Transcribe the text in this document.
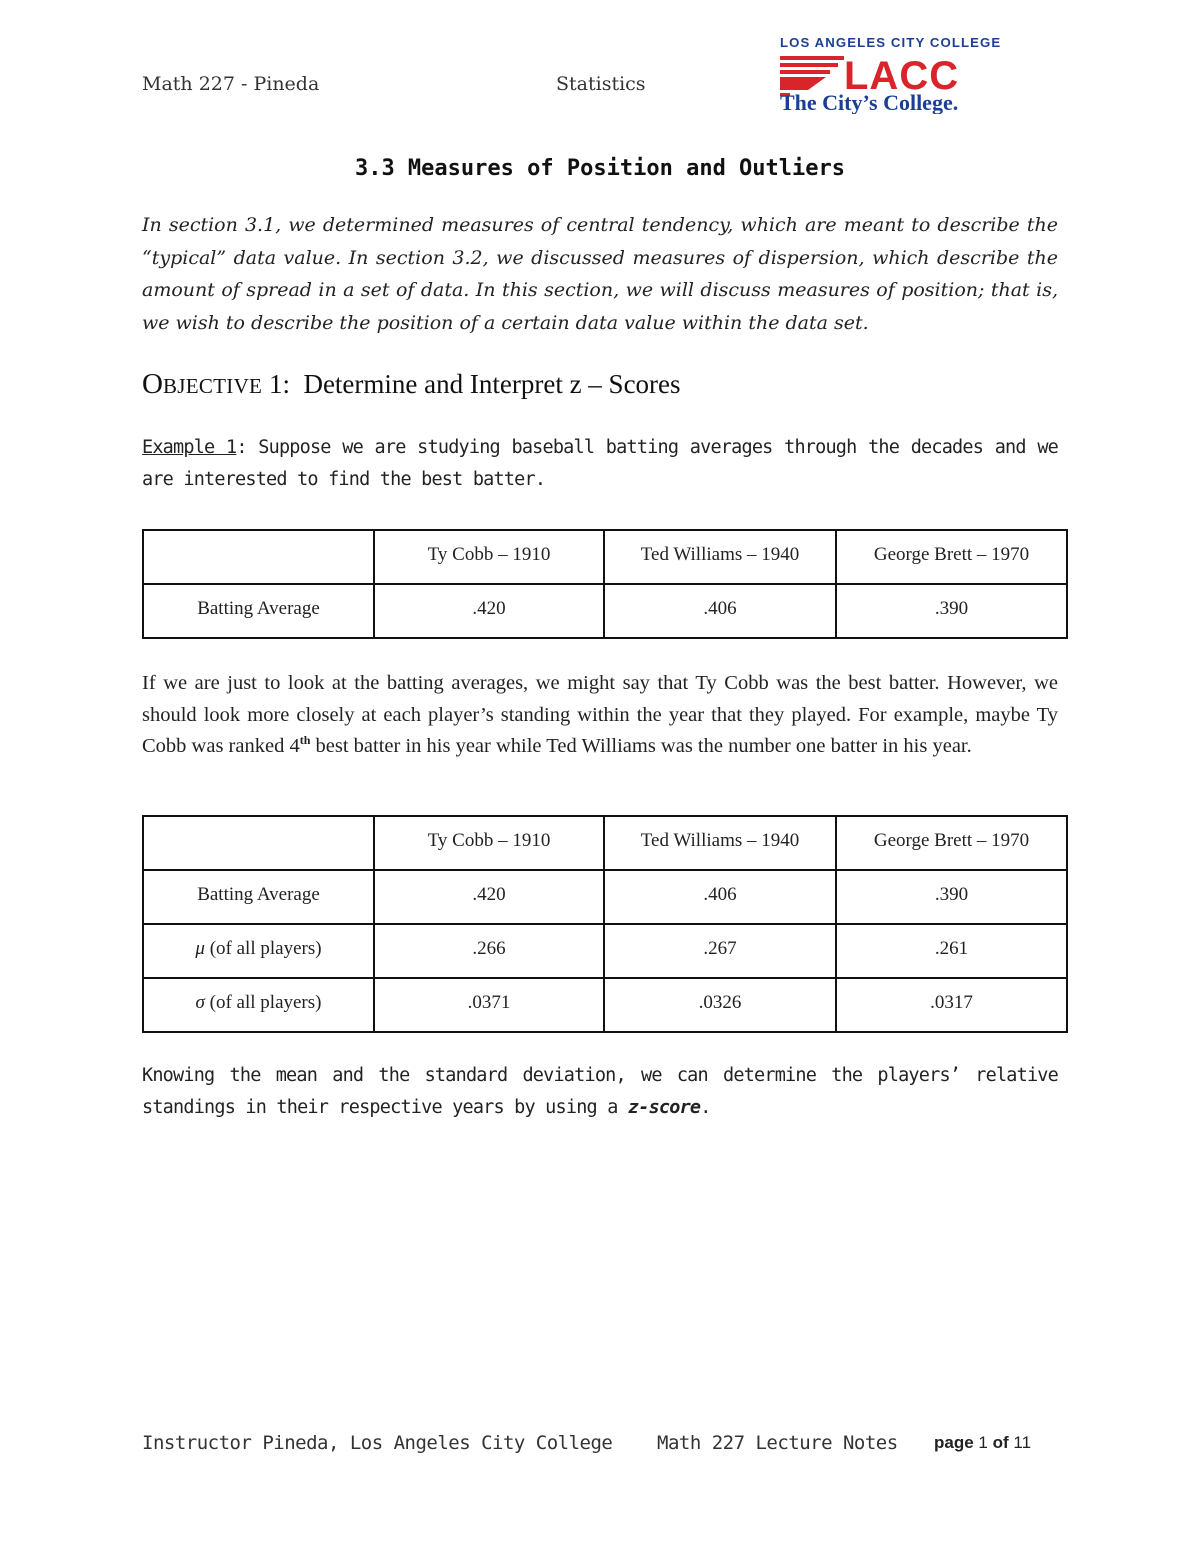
Math 227 - Pineda	Statistics
LOS ANGELES CITY COLLEGE
LACC
The City’s College.
3.3 Measures of Position and Outliers
In section 3.1, we determined measures of central tendency, which are meant to describe the “typical” data value. In section 3.2, we discussed measures of dispersion, which describe the amount of spread in a set of data. In this section, we will discuss measures of position; that is, we wish to describe the position of a certain data value within the data set.
OBJECTIVE 1: Determine and Interpret z – Scores
Example 1: Suppose we are studying baseball batting averages through the decades and we are interested to find the best batter.
	Ty Cobb – 1910	Ted Williams – 1940	George Brett – 1970
Batting Average	.420	.406	.390
If we are just to look at the batting averages, we might say that Ty Cobb was the best batter. However, we should look more closely at each player’s standing within the year that they played. For example, maybe Ty Cobb was ranked 4th best batter in his year while Ted Williams was the number one batter in his year.
	Ty Cobb – 1910	Ted Williams – 1940	George Brett – 1970
Batting Average	.420	.406	.390
μ (of all players)	.266	.267	.261
σ (of all players)	.0371	.0326	.0317
Knowing the mean and the standard deviation, we can determine the players’ relative standings in their respective years by using a z-score.
Instructor Pineda, Los Angeles City College Math 227 Lecture Notes page 1 of 11
